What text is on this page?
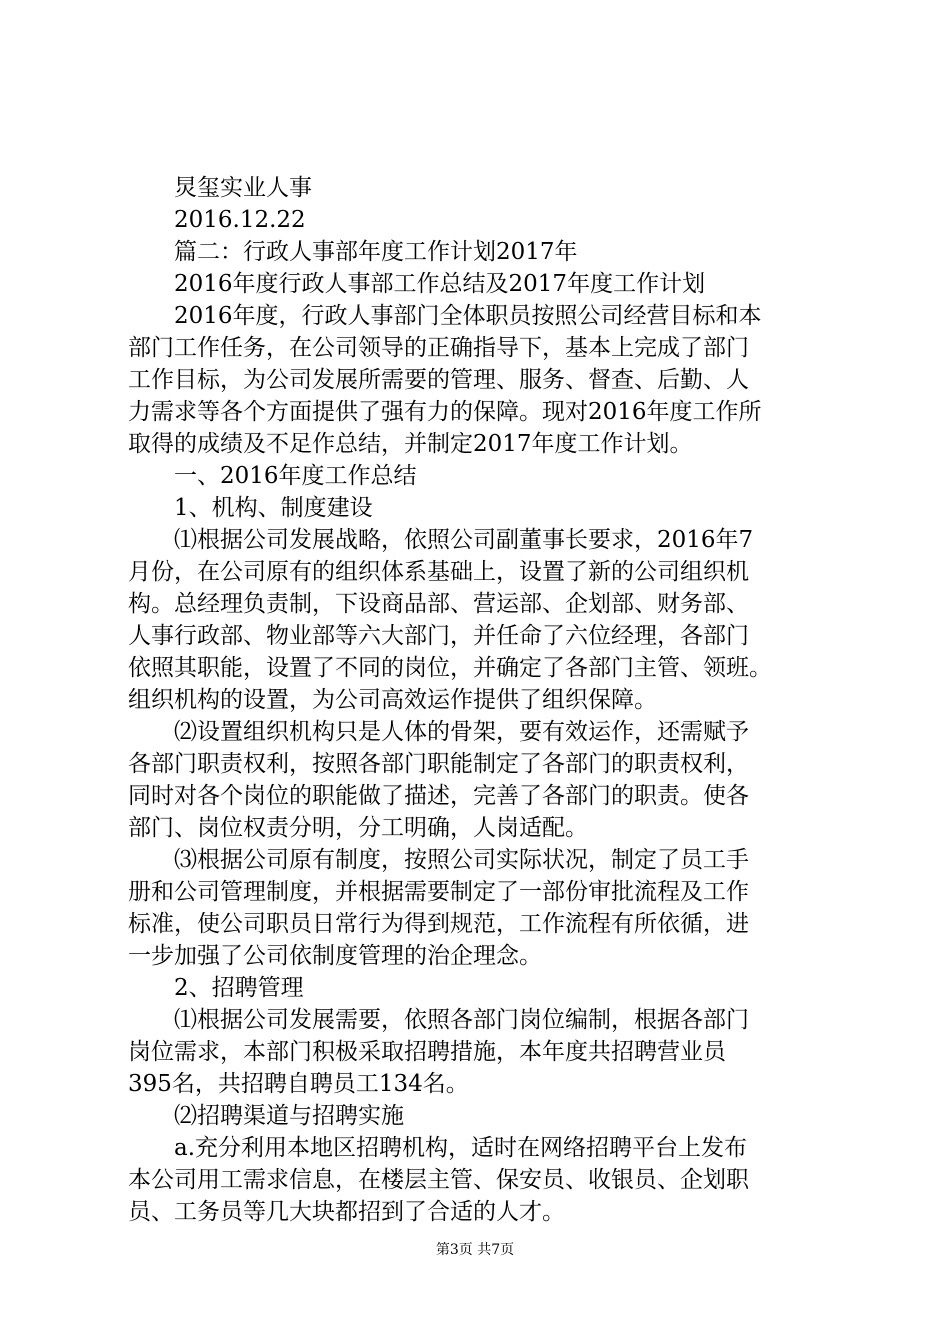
炅玺实业人事
2016.12.22
篇二：行政人事部年度工作计划2017年
2016年度行政人事部工作总结及2017年度工作计划
2016年度，行政人事部门全体职员按照公司经营目标和本
部门工作任务，在公司领导的正确指导下，基本上完成了部门
工作目标，为公司发展所需要的管理、服务、督查、后勤、人
力需求等各个方面提供了强有力的保障。现对2016年度工作所
取得的成绩及不足作总结，并制定2017年度工作计划。
一、2016年度工作总结
1、机构、制度建设
⑴根据公司发展战略，依照公司副董事长要求，2016年7
月份，在公司原有的组织体系基础上，设置了新的公司组织机
构。总经理负责制，下设商品部、营运部、企划部、财务部、
人事行政部、物业部等六大部门，并任命了六位经理，各部门
依照其职能，设置了不同的岗位，并确定了各部门主管、领班。
组织机构的设置，为公司高效运作提供了组织保障。
⑵设置组织机构只是人体的骨架，要有效运作，还需赋予
各部门职责权利，按照各部门职能制定了各部门的职责权利，
同时对各个岗位的职能做了描述，完善了各部门的职责。使各
部门、岗位权责分明，分工明确，人岗适配。
⑶根据公司原有制度，按照公司实际状况，制定了员工手
册和公司管理制度，并根据需要制定了一部份审批流程及工作
标准，使公司职员日常行为得到规范，工作流程有所依循，进
一步加强了公司依制度管理的治企理念。
2、招聘管理
⑴根据公司发展需要，依照各部门岗位编制，根据各部门
岗位需求，本部门积极采取招聘措施，本年度共招聘营业员
395名，共招聘自聘员工134名。
⑵招聘渠道与招聘实施
a.充分利用本地区招聘机构，适时在网络招聘平台上发布
本公司用工需求信息，在楼层主管、保安员、收银员、企划职
员、工务员等几大块都招到了合适的人才。
第3页 共7页
